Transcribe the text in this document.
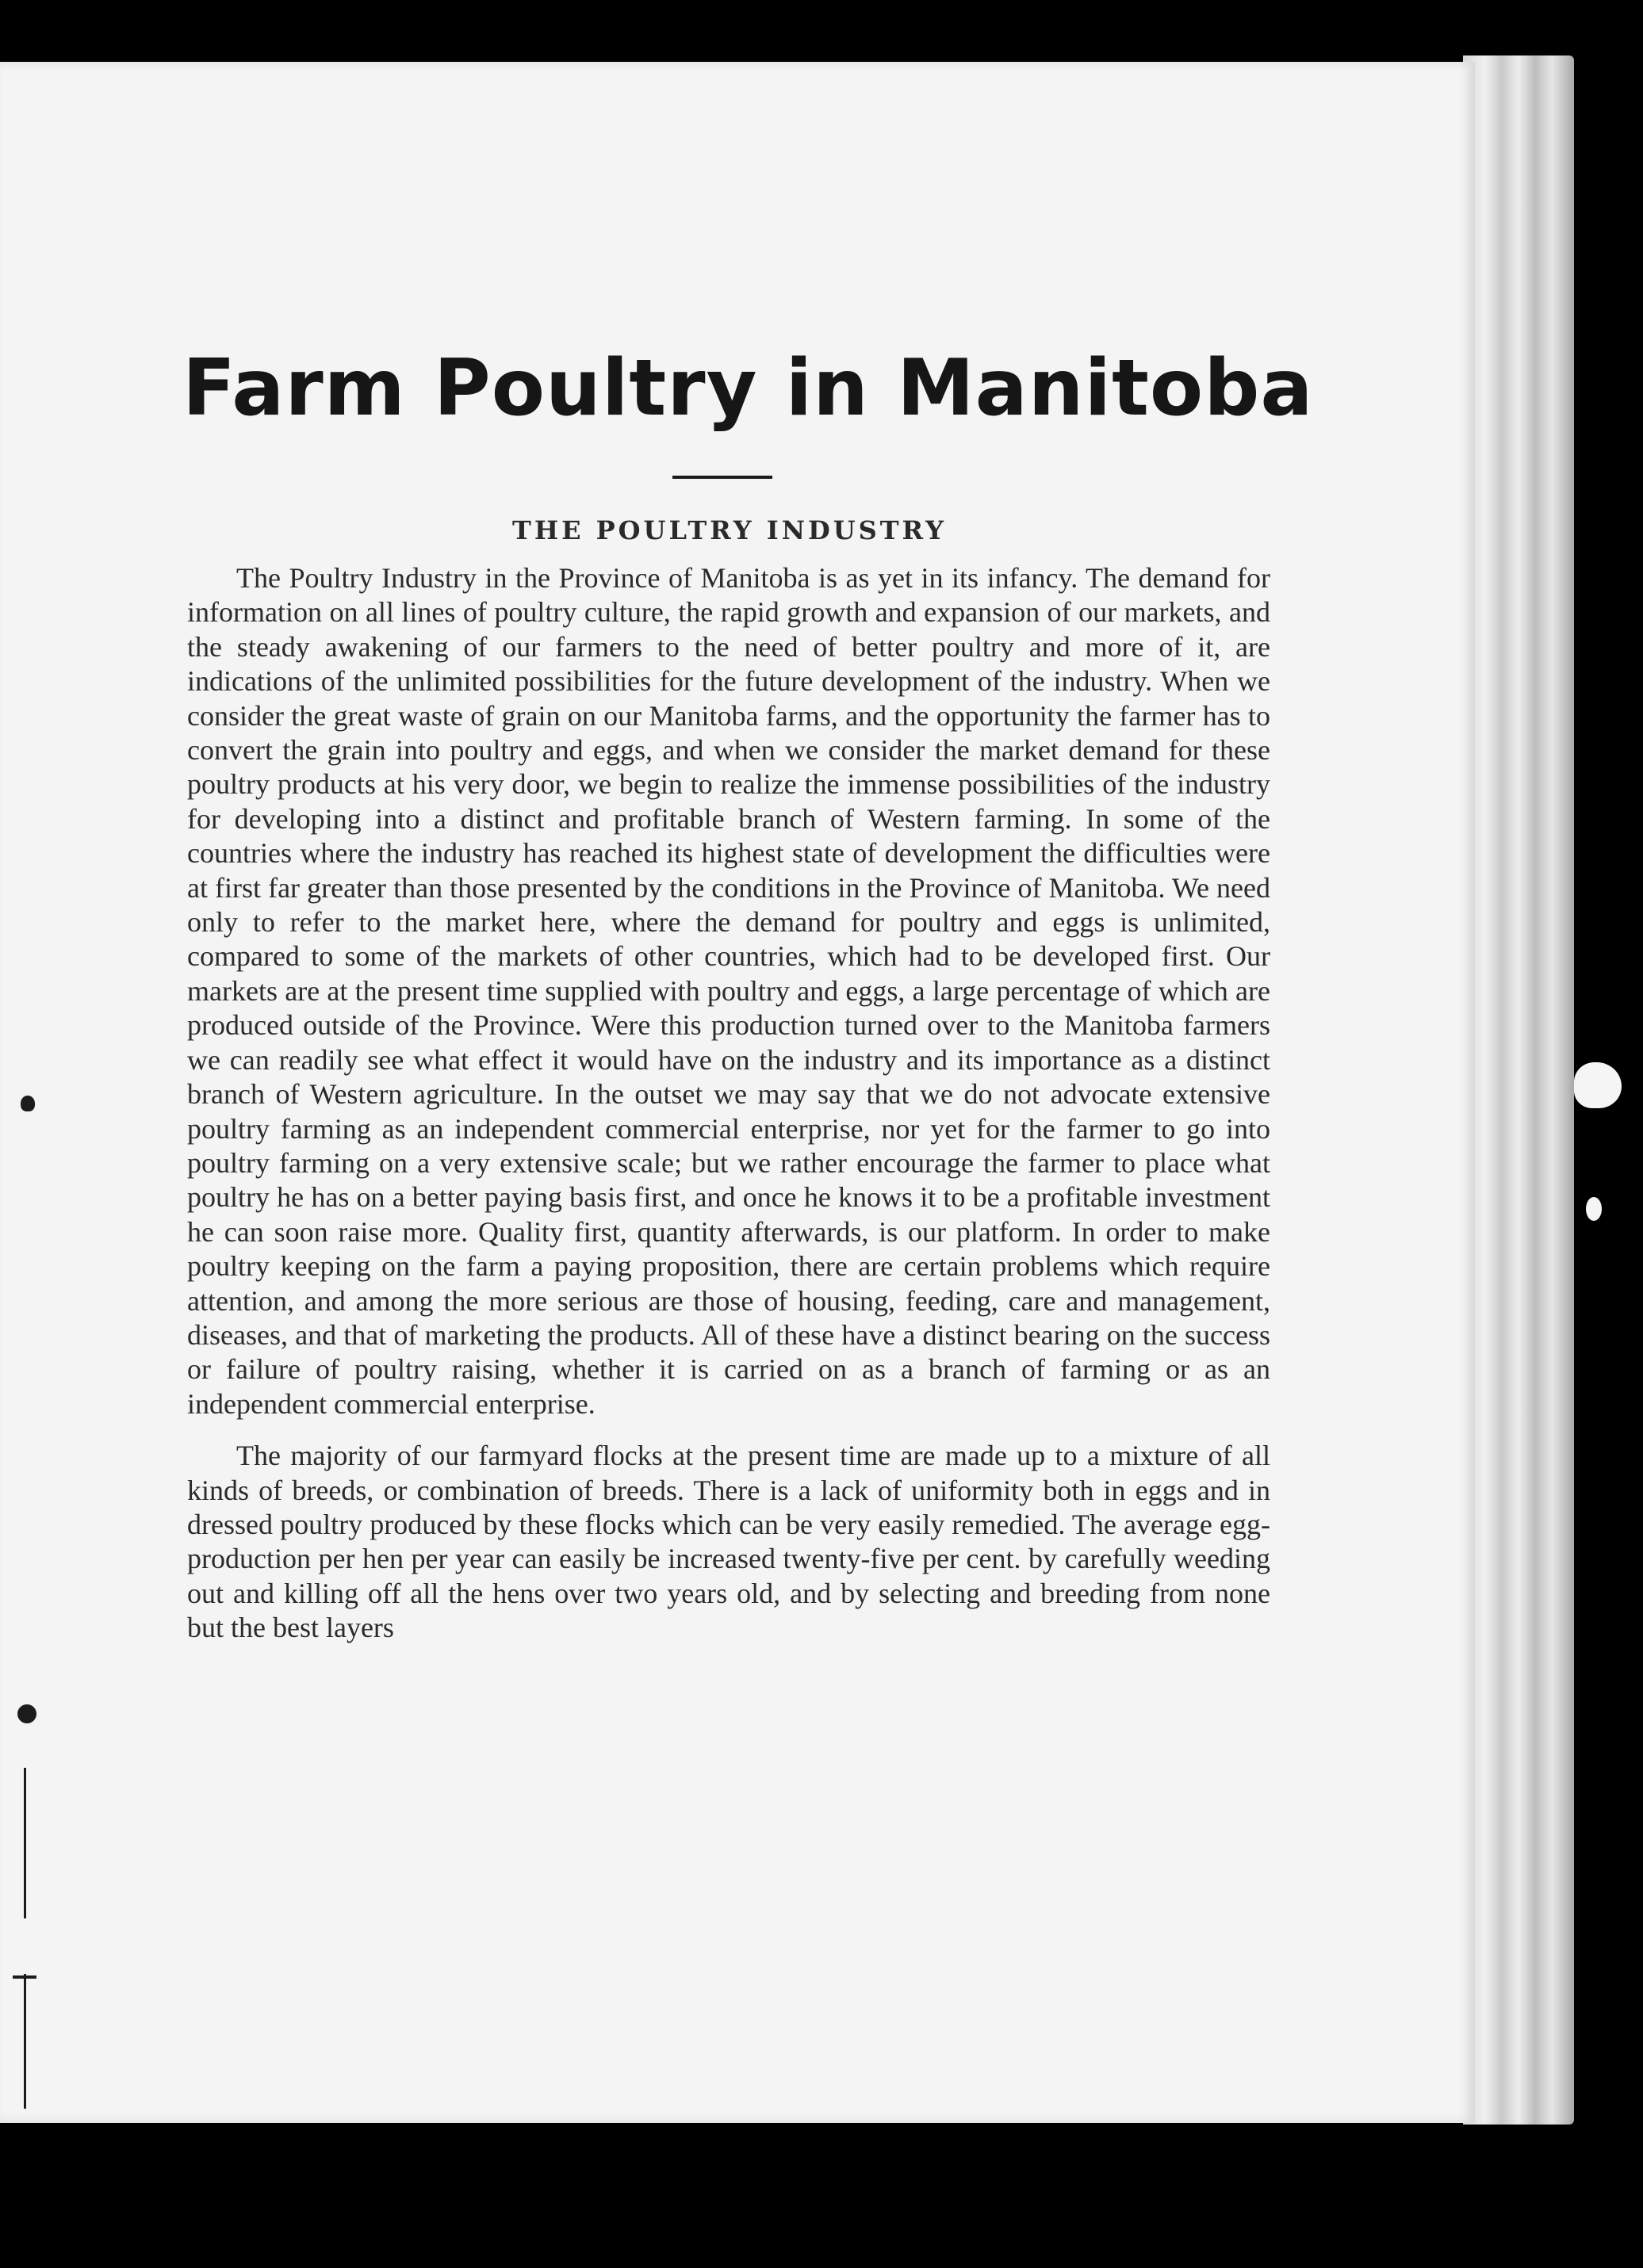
Farm Poultry in Manitoba
THE POULTRY INDUSTRY

The Poultry Industry in the Province of Manitoba is as yet in its infancy. The demand for information on all lines of poultry culture, the rapid growth and expansion of our markets, and the steady awakening of our farmers to the need of better poultry and more of it, are indications of the unlimited possibilities for the future development of the industry. When we consider the great waste of grain on our Manitoba farms, and the opportunity the farmer has to convert the grain into poultry and eggs, and when we consider the market demand for these poultry products at his very door, we begin to realize the immense possibilities of the industry for developing into a distinct and profitable branch of Western farming. In some of the countries where the industry has reached its highest state of development the difficulties were at first far greater than those presented by the conditions in the Province of Manitoba. We need only to refer to the market here, where the demand for poultry and eggs is unlimited, compared to some of the markets of other countries, which had to be developed first. Our markets are at the present time supplied with poultry and eggs, a large percentage of which are produced outside of the Province. Were this production turned over to the Manitoba farmers we can readily see what effect it would have on the industry and its importance as a distinct branch of Western agriculture. In the outset we may say that we do not advocate extensive poultry farming as an independent commercial enterprise, nor yet for the farmer to go into poultry farming on a very extensive scale; but we rather encourage the farmer to place what poultry he has on a better paying basis first, and once he knows it to be a profitable investment he can soon raise more. Quality first, quantity afterwards, is our platform. In order to make poultry keeping on the farm a paying proposition, there are certain problems which require attention, and among the more serious are those of housing, feeding, care and management, diseases, and that of marketing the products. All of these have a distinct bearing on the success or failure of poultry raising, whether it is carried on as a branch of farming or as an independent commercial enterprise.

The majority of our farmyard flocks at the present time are made up to a mixture of all kinds of breeds, or combination of breeds. There is a lack of uniformity both in eggs and in dressed poultry produced by these flocks which can be very easily remedied. The average egg-production per hen per year can easily be increased twenty-five per cent. by carefully weeding out and killing off all the hens over two years old, and by selecting and breeding from none but the best layers
